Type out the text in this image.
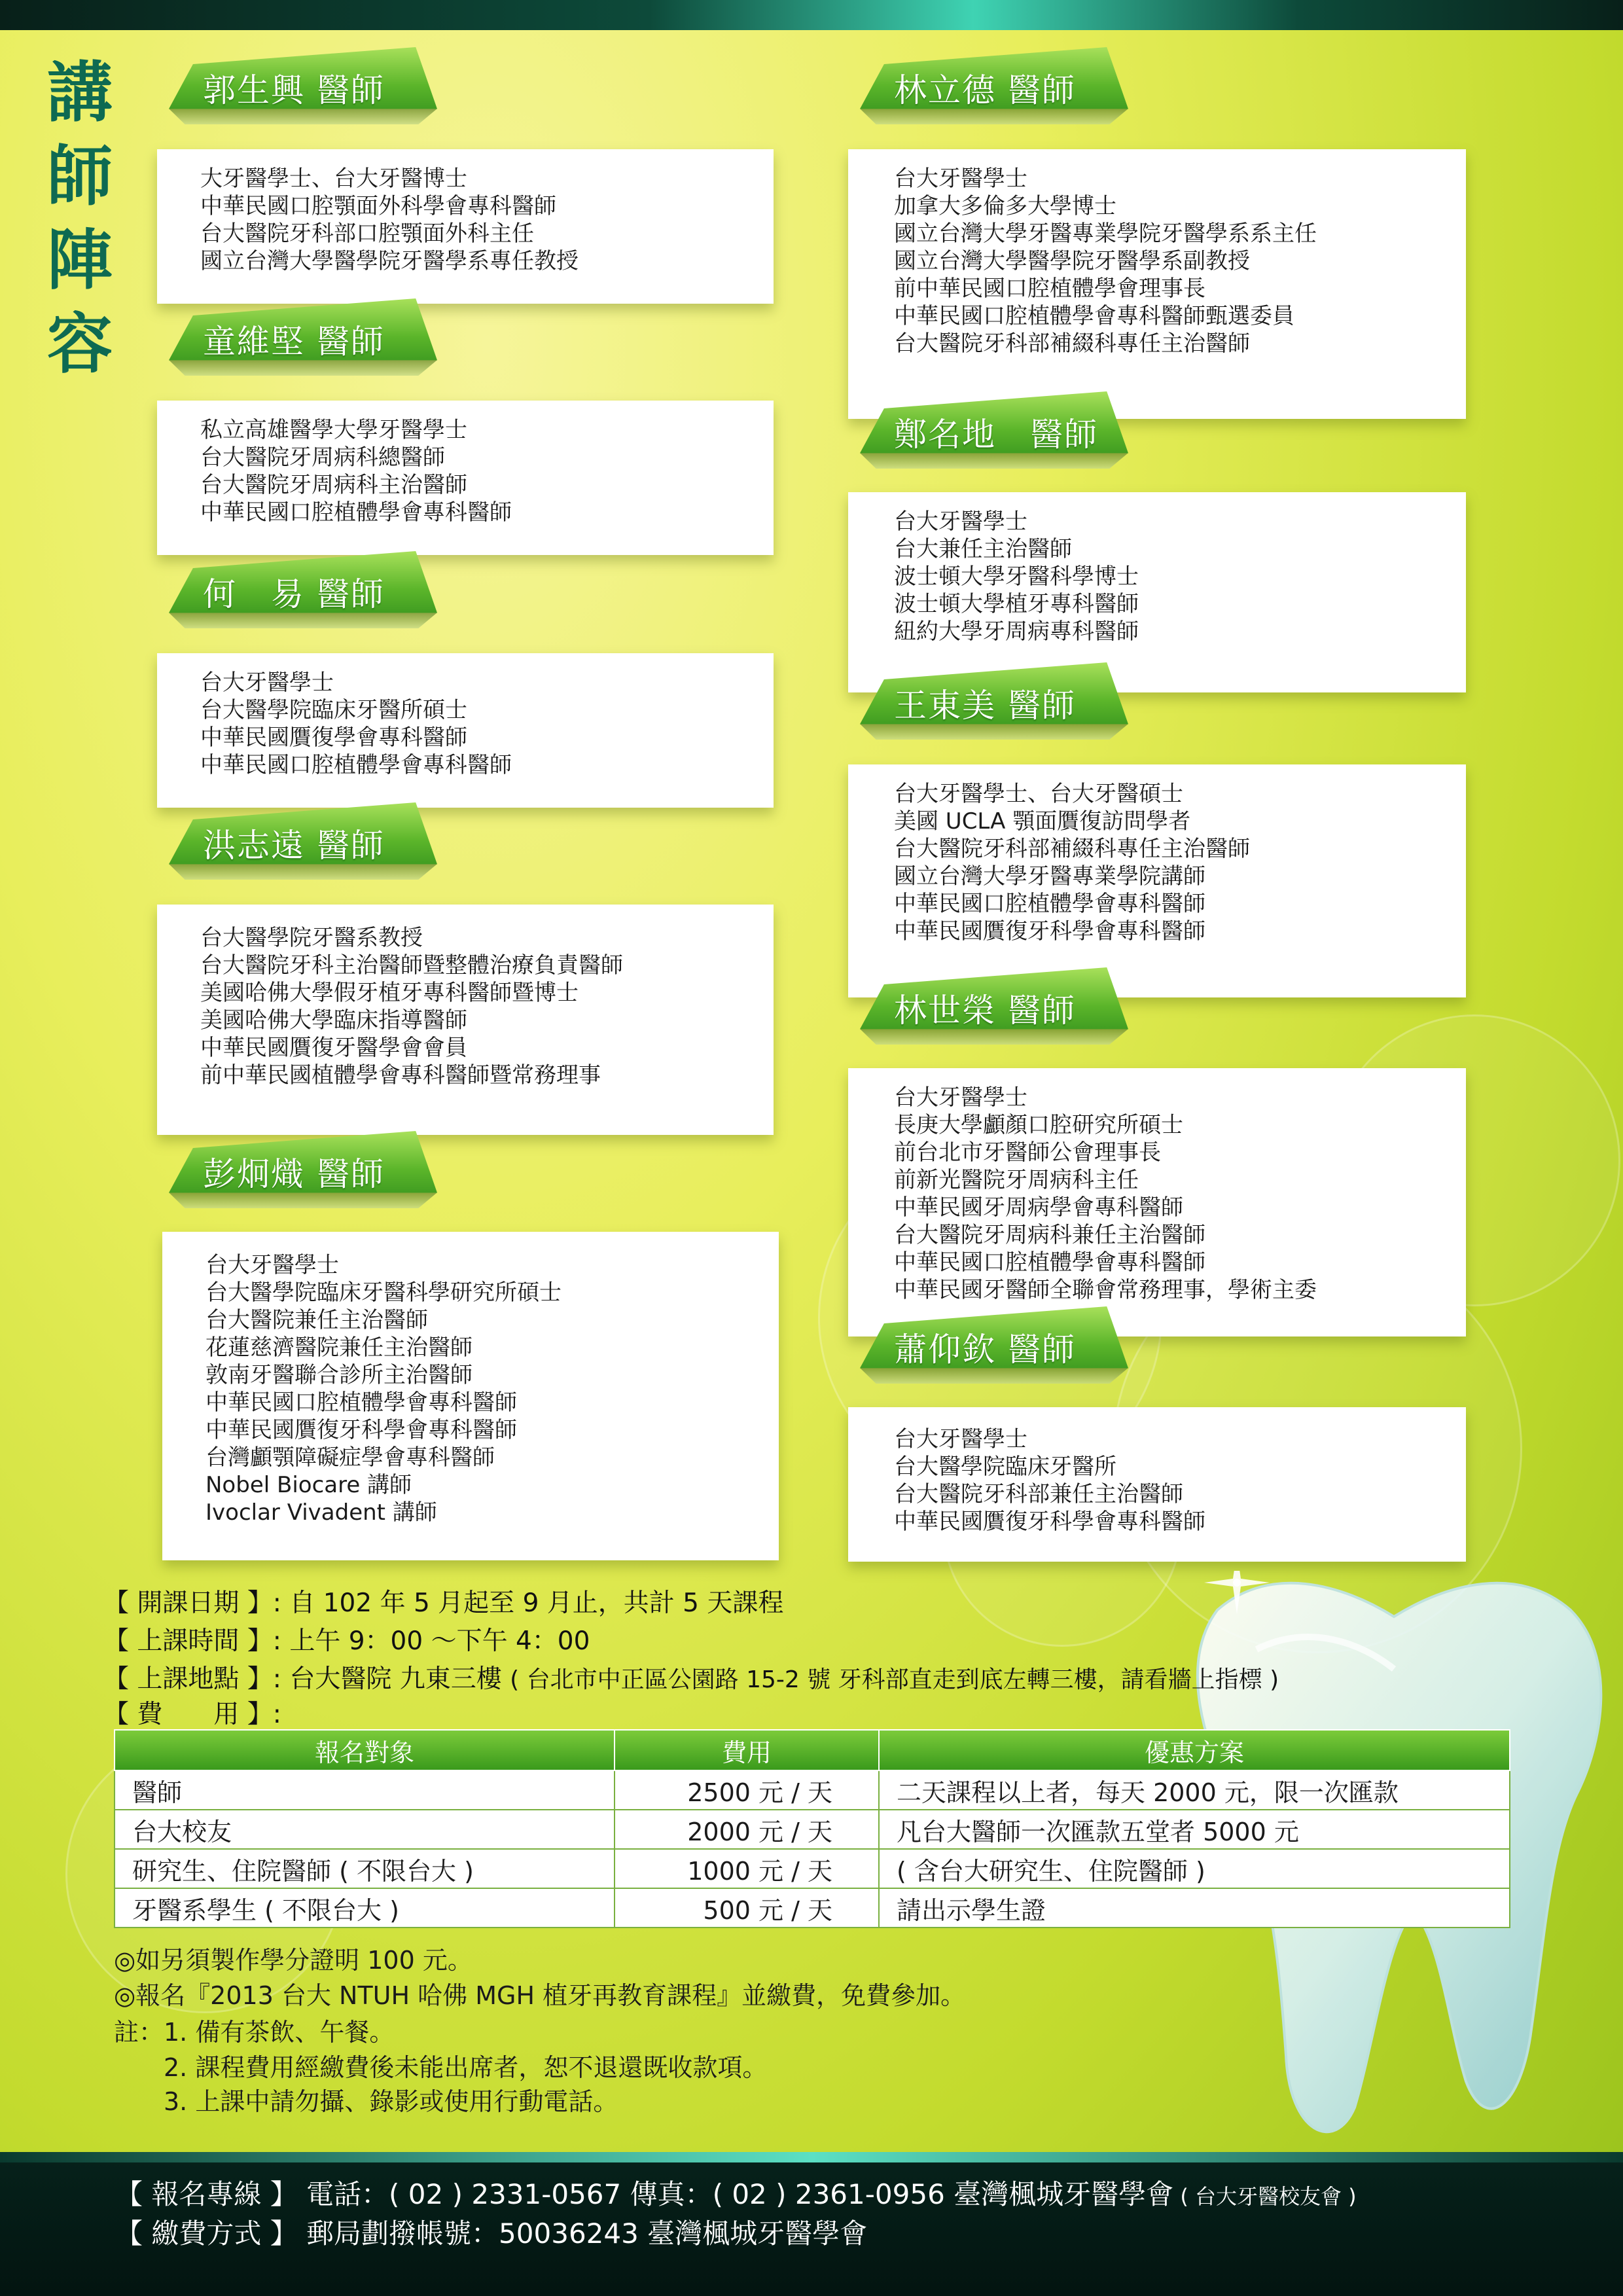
講
師
陣
容
大牙醫學士、台大牙醫博士
中華民國口腔顎面外科學會專科醫師
台大醫院牙科部口腔顎面外科主任
國立台灣大學醫學院牙醫學系專任教授
郭生興 醫師
私立高雄醫學大學牙醫學士
台大醫院牙周病科總醫師
台大醫院牙周病科主治醫師
中華民國口腔植體學會專科醫師
童維堅 醫師
台大牙醫學士
台大醫學院臨床牙醫所碩士
中華民國贋復學會專科醫師
中華民國口腔植體學會專科醫師
何　易 醫師
台大醫學院牙醫系教授
台大醫院牙科主治醫師暨整體治療負責醫師
美國哈佛大學假牙植牙專科醫師暨博士
美國哈佛大學臨床指導醫師
中華民國贋復牙醫學會會員
前中華民國植體學會專科醫師暨常務理事
洪志遠 醫師
台大牙醫學士
台大醫學院臨床牙醫科學研究所碩士
台大醫院兼任主治醫師
花蓮慈濟醫院兼任主治醫師
敦南牙醫聯合診所主治醫師
中華民國口腔植體學會專科醫師
中華民國贋復牙科學會專科醫師
台灣顱顎障礙症學會專科醫師
Nobel Biocare 講師
Ivoclar Vivadent 講師
彭炯熾 醫師
台大牙醫學士
加拿大多倫多大學博士
國立台灣大學牙醫專業學院牙醫學系系主任
國立台灣大學醫學院牙醫學系副教授
前中華民國口腔植體學會理事長
中華民國口腔植體學會專科醫師甄選委員
台大醫院牙科部補綴科專任主治醫師
林立德 醫師
台大牙醫學士
台大兼任主治醫師
波士頓大學牙醫科學博士
波士頓大學植牙專科醫師
紐約大學牙周病專科醫師
鄭名地　醫師
台大牙醫學士、台大牙醫碩士
美國 UCLA 顎面贋復訪問學者
台大醫院牙科部補綴科專任主治醫師
國立台灣大學牙醫專業學院講師
中華民國口腔植體學會專科醫師
中華民國贋復牙科學會專科醫師
王東美 醫師
台大牙醫學士
長庚大學顱顏口腔研究所碩士
前台北市牙醫師公會理事長
前新光醫院牙周病科主任
中華民國牙周病學會專科醫師
台大醫院牙周病科兼任主治醫師
中華民國口腔植體學會專科醫師
中華民國牙醫師全聯會常務理事，學術主委
林世榮 醫師
台大牙醫學士
台大醫學院臨床牙醫所
台大醫院牙科部兼任主治醫師
中華民國贋復牙科學會專科醫師
蕭仰欽 醫師
【 開課日期 】: 自 102 年 5 月起至 9 月止，共計 5 天課程
【 上課時間 】: 上午 9：00 ～下午 4：00
【 上課地點 】: 台大醫院 九東三樓 ( 台北市中正區公園路 15-2 號 牙科部直走到底左轉三樓，請看牆上指標 )
【 費　　用 】:
報名對象	費用	優惠方案
醫師	2500 元 / 天	二天課程以上者，每天 2000 元，限一次匯款
台大校友	2000 元 / 天	凡台大醫師一次匯款五堂者 5000 元
研究生、住院醫師 ( 不限台大 )	1000 元 / 天	( 含台大研究生、住院醫師 )
牙醫系學生 ( 不限台大 )	500 元 / 天	請出示學生證
◎如另須製作學分證明 100 元。
◎報名『2013 台大 NTUH 哈佛 MGH 植牙再教育課程』並繳費，免費參加。
註：1. 備有茶飲、午餐。
　　2. 課程費用經繳費後未能出席者，恕不退還既收款項。
　　3. 上課中請勿攝、錄影或使用行動電話。
【 報名專線 】 電話：( 02 ) 2331-0567 傳真：( 02 ) 2361-0956 臺灣楓城牙醫學會 ( 台大牙醫校友會 )
【 繳費方式 】 郵局劃撥帳號：50036243 臺灣楓城牙醫學會
